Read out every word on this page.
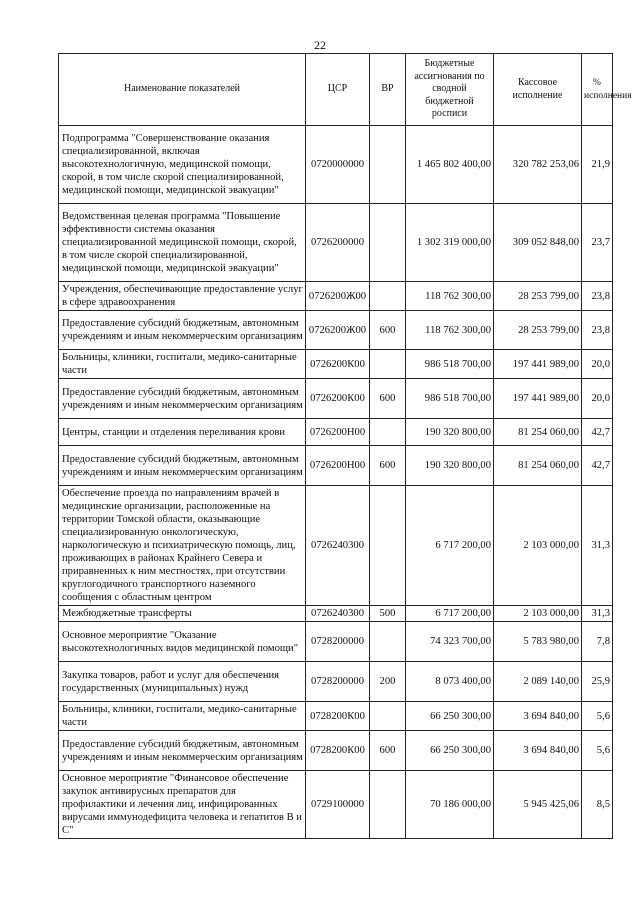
22
Наименование показателей	ЦСР	ВР	Бюджетные ассигнования по сводной бюджетной росписи	Кассовое исполнение	% исполнения
Подпрограмма "Совершенствование оказания специализированной, включая высокотехнологичную, медицинской помощи, скорой, в том числе скорой специализированной, медицинской помощи, медицинской эвакуации"	0720000000		1 465 802 400,00	320 782 253,06	21,9
Ведомственная целевая программа "Повышение эффективности системы оказания специализированной медицинской помощи, скорой, в том числе скорой специализированной, медицинской помощи, медицинской эвакуации"	0726200000		1 302 319 000,00	309 052 848,00	23,7
Учреждения, обеспечивающие предоставление услуг в сфере здравоохранения	0726200Ж00		118 762 300,00	28 253 799,00	23,8
Предоставление субсидий бюджетным, автономным учреждениям и иным некоммерческим организациям	0726200Ж00	600	118 762 300,00	28 253 799,00	23,8
Больницы, клиники, госпитали, медико-санитарные части	0726200К00		986 518 700,00	197 441 989,00	20,0
Предоставление субсидий бюджетным, автономным учреждениям и иным некоммерческим организациям	0726200К00	600	986 518 700,00	197 441 989,00	20,0
Центры, станции и отделения переливания крови	0726200Н00		190 320 800,00	81 254 060,00	42,7
Предоставление субсидий бюджетным, автономным учреждениям и иным некоммерческим организациям	0726200Н00	600	190 320 800,00	81 254 060,00	42,7
Обеспечение проезда по направлениям врачей в медицинские организации, расположенные на территории Томской области, оказывающие специализированную онкологическую, наркологическую и психиатрическую помощь, лиц, проживающих в районах Крайнего Севера и приравненных к ним местностях, при отсутствии круглогодичного транспортного наземного сообщения с областным центром	0726240300		6 717 200,00	2 103 000,00	31,3
Межбюджетные трансферты	0726240300	500	6 717 200,00	2 103 000,00	31,3
Основное мероприятие "Оказание высокотехнологичных видов медицинской помощи"	0728200000		74 323 700,00	5 783 980,00	7,8
Закупка товаров, работ и услуг для обеспечения государственных (муниципальных) нужд	0728200000	200	8 073 400,00	2 089 140,00	25,9
Больницы, клиники, госпитали, медико-санитарные части	0728200К00		66 250 300,00	3 694 840,00	5,6
Предоставление субсидий бюджетным, автономным учреждениям и иным некоммерческим организациям	0728200К00	600	66 250 300,00	3 694 840,00	5,6
Основное мероприятие "Финансовое обеспечение закупок антивирусных препаратов для профилактики и лечения лиц, инфицированных вирусами иммунодефицита человека и гепатитов В и С"	0729100000		70 186 000,00	5 945 425,06	8,5
